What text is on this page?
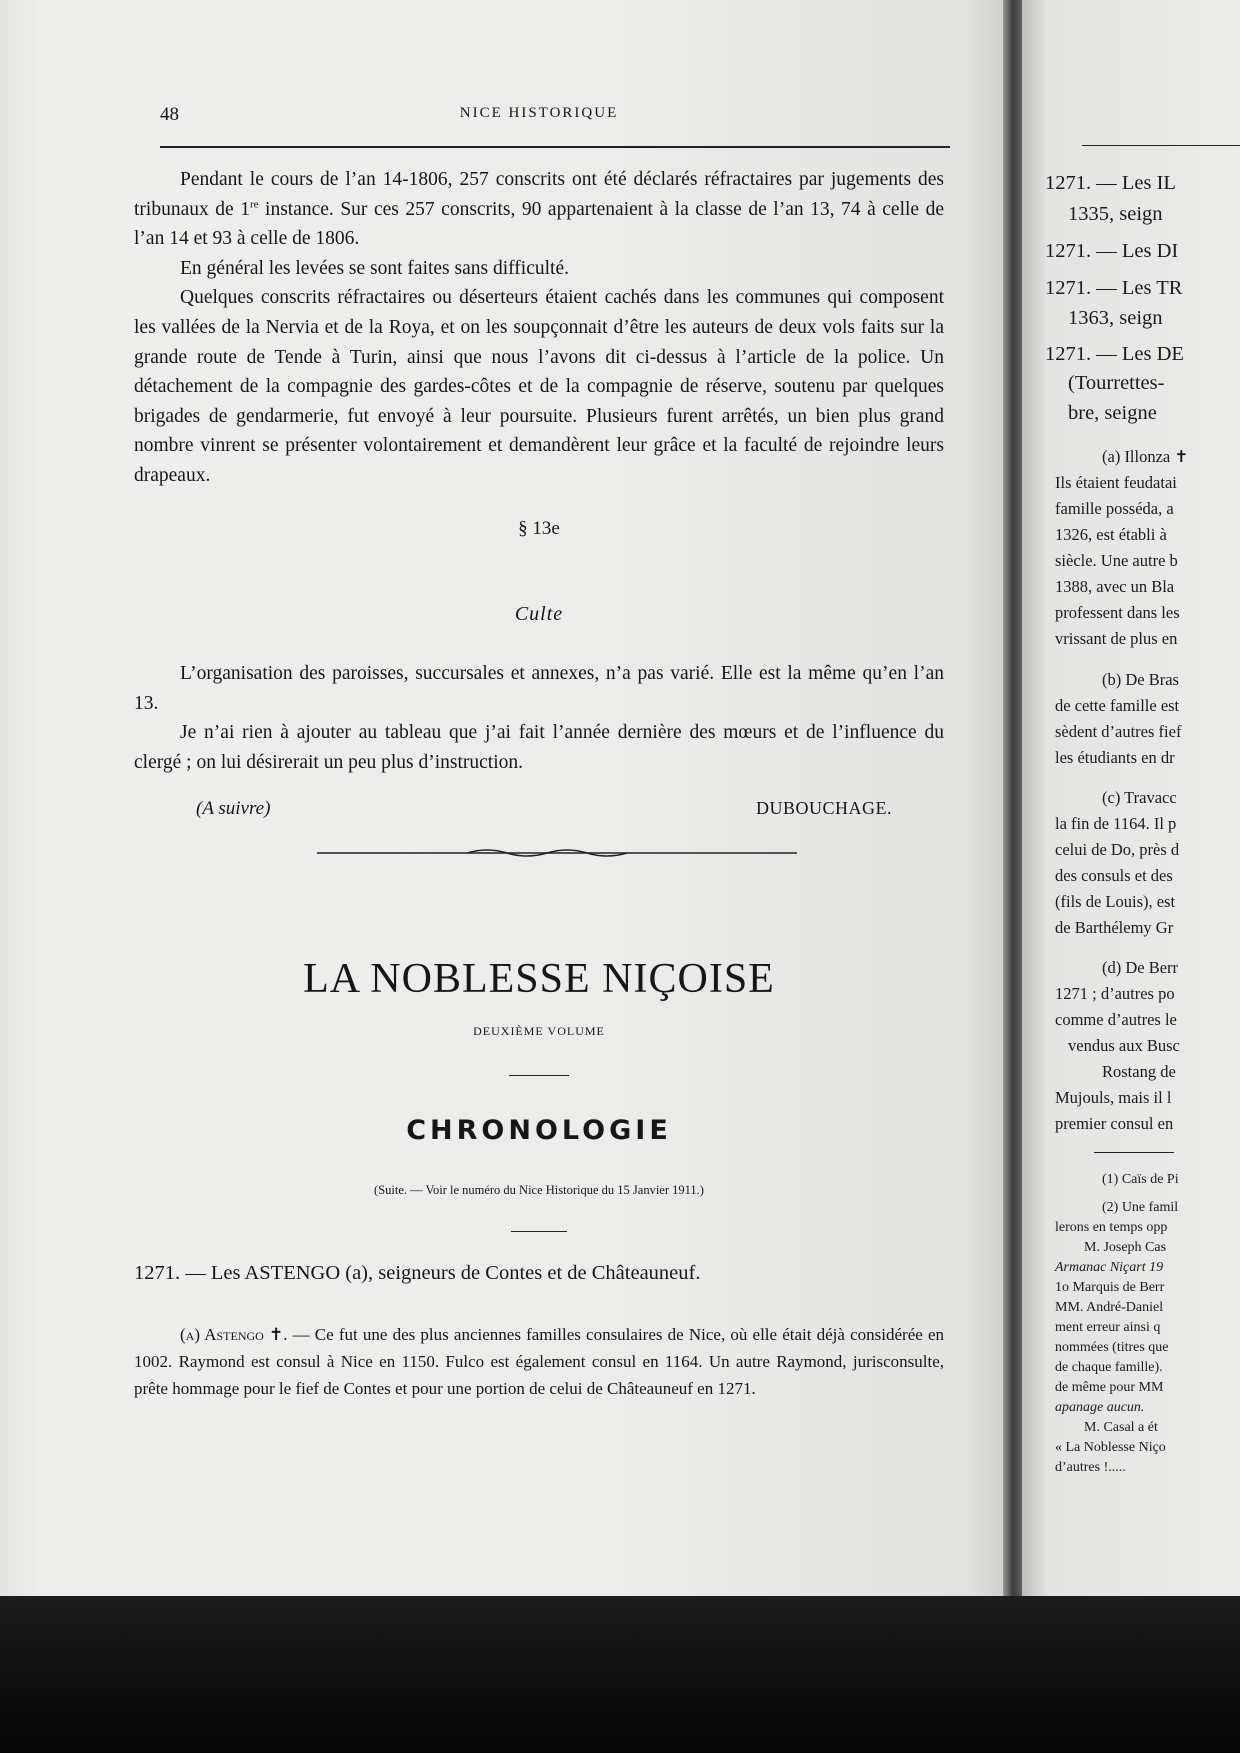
48	NICE HISTORIQUE

Pendant le cours de l’an 14-1806, 257 conscrits ont été déclarés réfractaires par jugements des tribunaux de 1re instance. Sur ces 257 conscrits, 90 appartenaient à la classe de l’an 13, 74 à celle de l’an 14 et 93 à celle de 1806.

En général les levées se sont faites sans difficulté.

Quelques conscrits réfractaires ou déserteurs étaient cachés dans les communes qui composent les vallées de la Nervia et de la Roya, et on les soupçonnait d’être les auteurs de deux vols faits sur la grande route de Tende à Turin, ainsi que nous l’avons dit ci-dessus à l’article de la police. Un détachement de la compagnie des gardes-côtes et de la compagnie de réserve, soutenu par quelques brigades de gendarmerie, fut envoyé à leur poursuite. Plusieurs furent arrêtés, un bien plus grand nombre vinrent se présenter volontairement et demandèrent leur grâce et la faculté de rejoindre leurs drapeaux.

§ 13e
Culte

L’organisation des paroisses, succursales et annexes, n’a pas varié. Elle est la même qu’en l’an 13.

Je n’ai rien à ajouter au tableau que j’ai fait l’année dernière des mœurs et de l’influence du clergé ; on lui désirerait un peu plus d’instruction.

(A suivre)	DUBOUCHAGE.
LA NOBLESSE NIÇOISE
DEUXIÈME VOLUME
CHRONOLOGIE
(Suite. — Voir le numéro du Nice Historique du 15 Janvier 1911.)
1271. — Les ASTENGO (a), seigneurs de Contes et de Châteauneuf.

(a) Astengo ✝. — Ce fut une des plus anciennes familles consulaires de Nice, où elle était déjà considérée en 1002. Raymond est consul à Nice en 1150. Fulco est également consul en 1164. Un autre Raymond, jurisconsulte, prête hommage pour le fief de Contes et pour une portion de celui de Châteauneuf en 1271.

1271. — Les IL
1335, seign
1271. — Les DI
1271. — Les TR
1363, seign
1271. — Les DE
(Tourrettes-
bre, seigne
(a) Illonza ✝
Ils étaient feudatai
famille posséda, a
1326, est établi à
siècle. Une autre b
1388, avec un Bla
professent dans les
vrissant de plus en
(b) De Bras
de cette famille est
sèdent d’autres fief
les étudiants en dr
(c) Travacc
la fin de 1164. Il p
celui de Do, près d
des consuls et des
(fils de Louis), est
de Barthélemy Gr
(d) De Berr
1271 ; d’autres po
comme d’autres le
vendus aux Busc
Rostang de
Mujouls, mais il l
premier consul en
(1) Caïs de Pi
(2) Une famil
lerons en temps opp
M. Joseph Cas
Armanac Niçart 19
1o Marquis de Berr
MM. André-Daniel
ment erreur ainsi q
nommées (titres que
de chaque famille).
de même pour MM
apanage aucun.
M. Casal a ét
« La Noblesse Niço
d’autres !.....
